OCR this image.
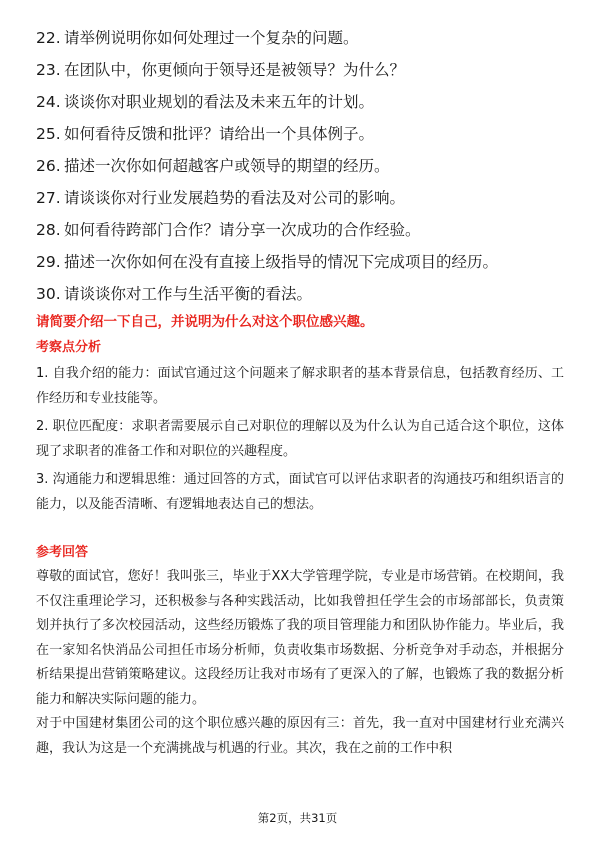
22. 请举例说明你如何处理过一个复杂的问题。
23. 在团队中，你更倾向于领导还是被领导？为什么？
24. 谈谈你对职业规划的看法及未来五年的计划。
25. 如何看待反馈和批评？请给出一个具体例子。
26. 描述一次你如何超越客户或领导的期望的经历。
27. 请谈谈你对行业发展趋势的看法及对公司的影响。
28. 如何看待跨部门合作？请分享一次成功的合作经验。
29. 描述一次你如何在没有直接上级指导的情况下完成项目的经历。
30. 请谈谈你对工作与生活平衡的看法。
请简要介绍一下自己，并说明为什么对这个职位感兴趣。
考察点分析
1. 自我介绍的能力：面试官通过这个问题来了解求职者的基本背景信息，包括教育经历、工作经历和专业技能等。
2. 职位匹配度：求职者需要展示自己对职位的理解以及为什么认为自己适合这个职位，这体现了求职者的准备工作和对职位的兴趣程度。
3. 沟通能力和逻辑思维：通过回答的方式，面试官可以评估求职者的沟通技巧和组织语言的能力，以及能否清晰、有逻辑地表达自己的想法。
参考回答

尊敬的面试官，您好！我叫张三，毕业于XX大学管理学院，专业是市场营销。在校期间，我不仅注重理论学习，还积极参与各种实践活动，比如我曾担任学生会的市场部部长，负责策划并执行了多次校园活动，这些经历锻炼了我的项目管理能力和团队协作能力。毕业后，我在一家知名快消品公司担任市场分析师，负责收集市场数据、分析竞争对手动态，并根据分析结果提出营销策略建议。这段经历让我对市场有了更深入的了解，也锻炼了我的数据分析能力和解决实际问题的能力。

对于中国建材集团公司的这个职位感兴趣的原因有三：首先，我一直对中国建材行业充满兴趣，我认为这是一个充满挑战与机遇的行业。其次，我在之前的工作中积

第2页，共31页
